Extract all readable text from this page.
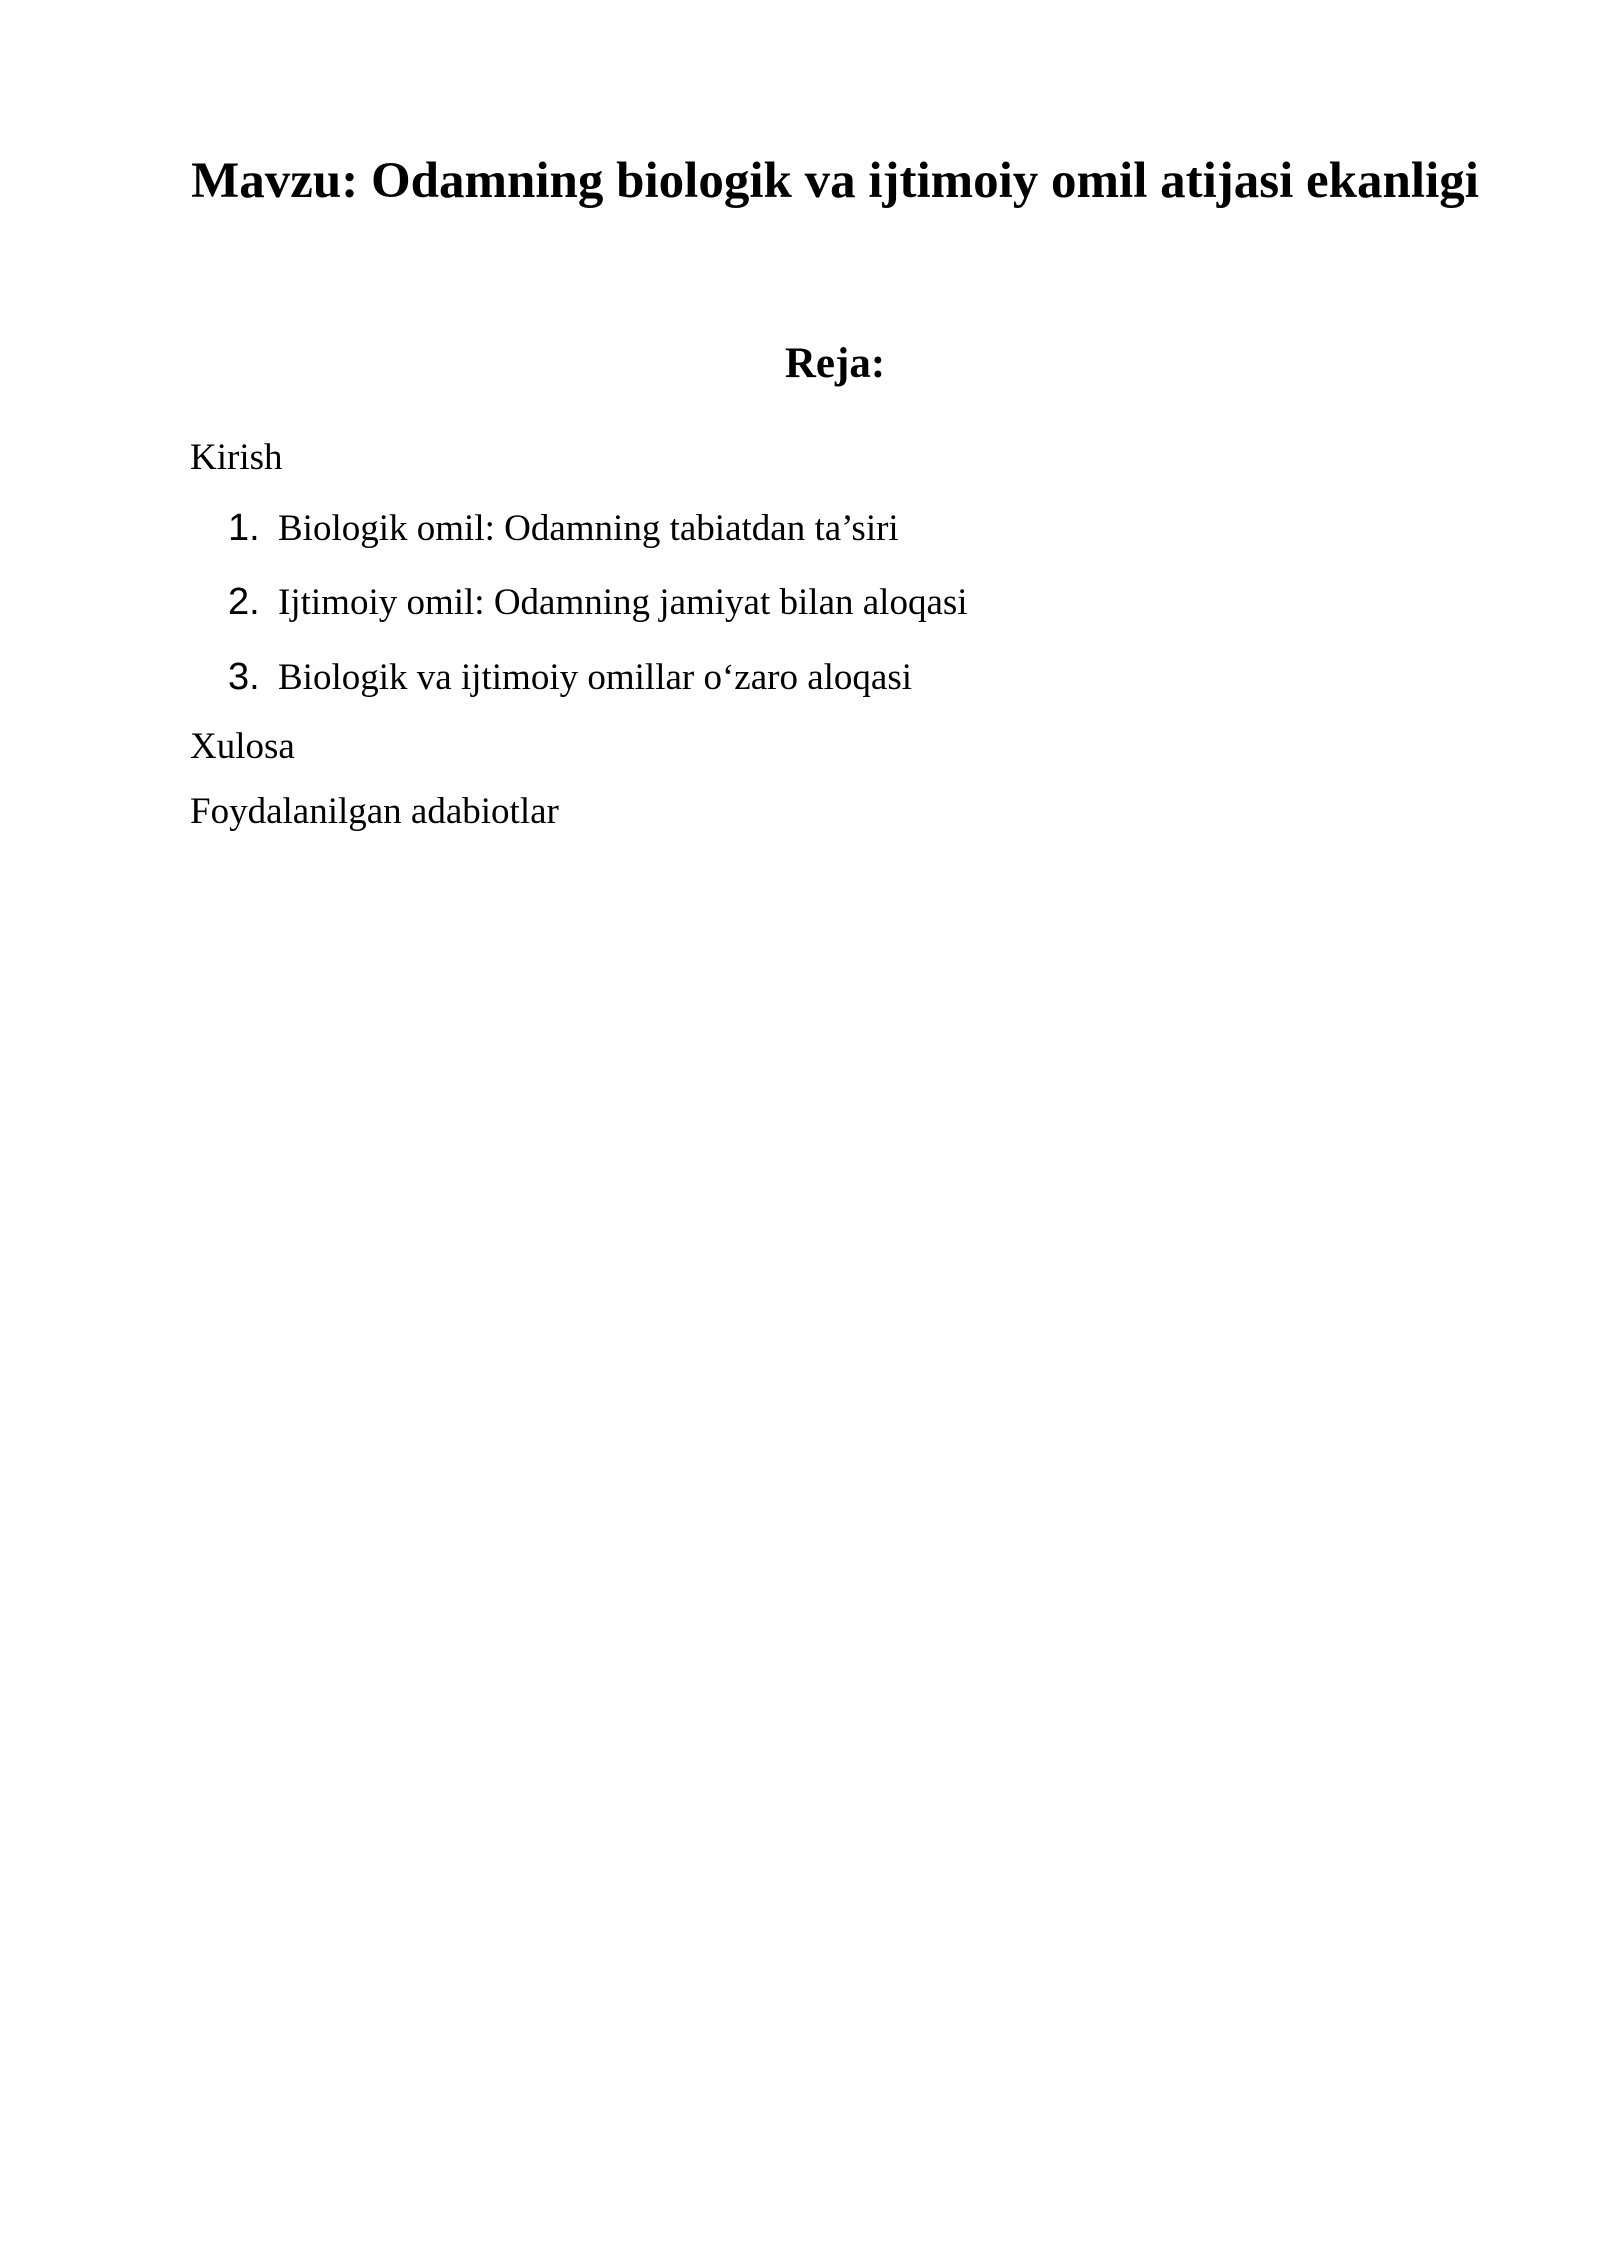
Mavzu: Odamning biologik va ijtimoiy omil atijasi ekanligi
Reja:

Kirish

1. Biologik omil: Odamning tabiatdan ta’siri

2. Ijtimoiy omil: Odamning jamiyat bilan aloqasi

3. Biologik va ijtimoiy omillar o‘zaro aloqasi

Xulosa

Foydalanilgan adabiotlar
